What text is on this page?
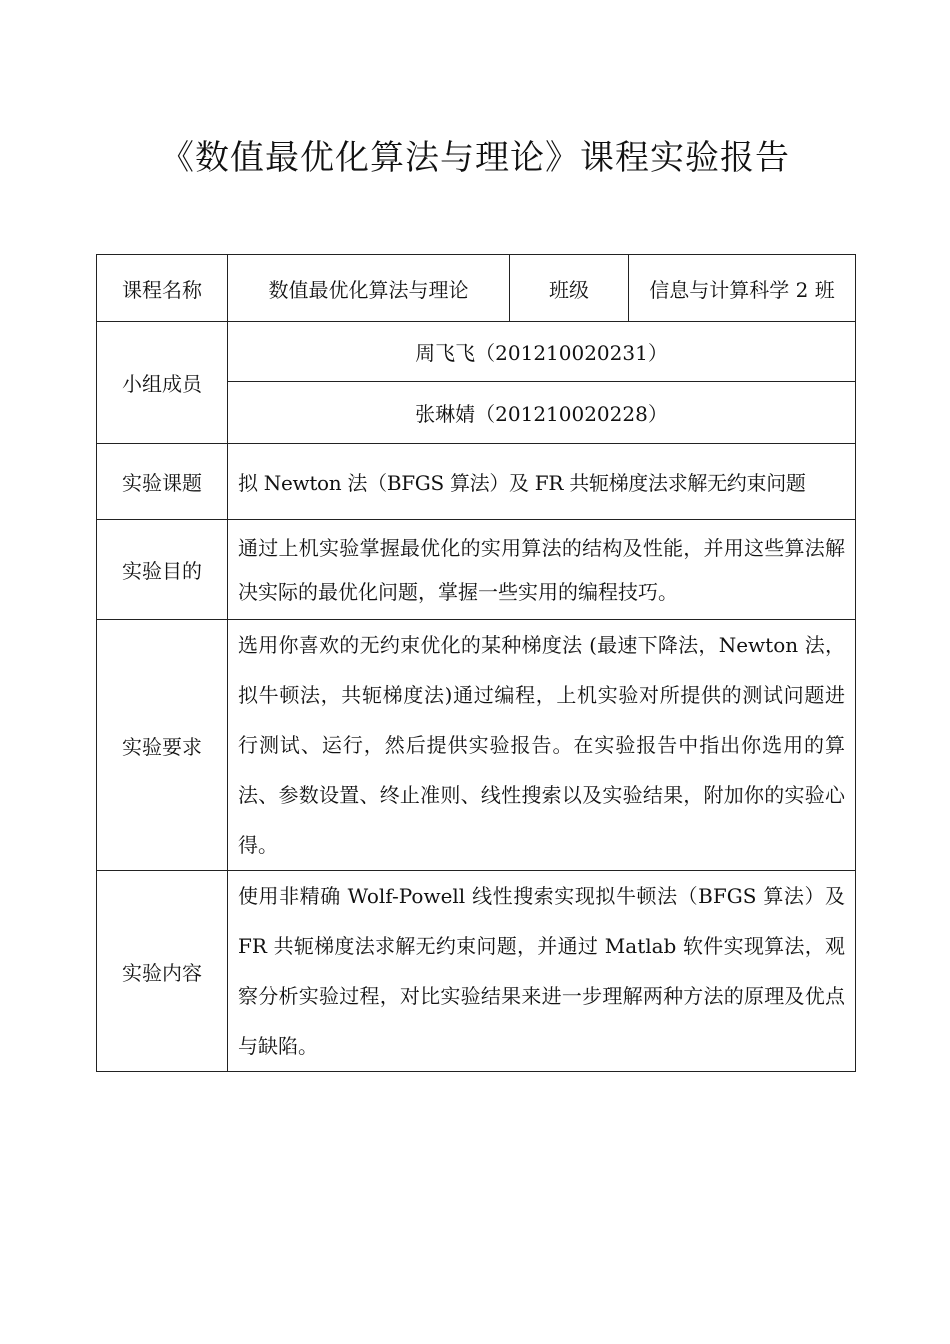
《数值最优化算法与理论》课程实验报告
课程名称	数值最优化算法与理论	班级	信息与计算科学 2 班
小组成员	周飞飞（201210020231）		
	张琳婧（201210020228）		
实验课题	拟 Newton 法（BFGS 算法）及 FR 共轭梯度法求解无约束问题		
实验目的	通过上机实验掌握最优化的实用算法的结构及性能，并用这些算法解决实际的最优化问题，掌握一些实用的编程技巧。		
实验要求	选用你喜欢的无约束优化的某种梯度法 (最速下降法，Newton 法，拟牛顿法，共轭梯度法)通过编程，上机实验对所提供的测试问题进行测试、运行，然后提供实验报告。在实验报告中指出你选用的算法、参数设置、终止准则、线性搜索以及实验结果，附加你的实验心得。		
实验内容	使用非精确 Wolf-Powell 线性搜索实现拟牛顿法（BFGS 算法）及 FR 共轭梯度法求解无约束问题，并通过 Matlab 软件实现算法，观察分析实验过程，对比实验结果来进一步理解两种方法的原理及优点与缺陷。		
